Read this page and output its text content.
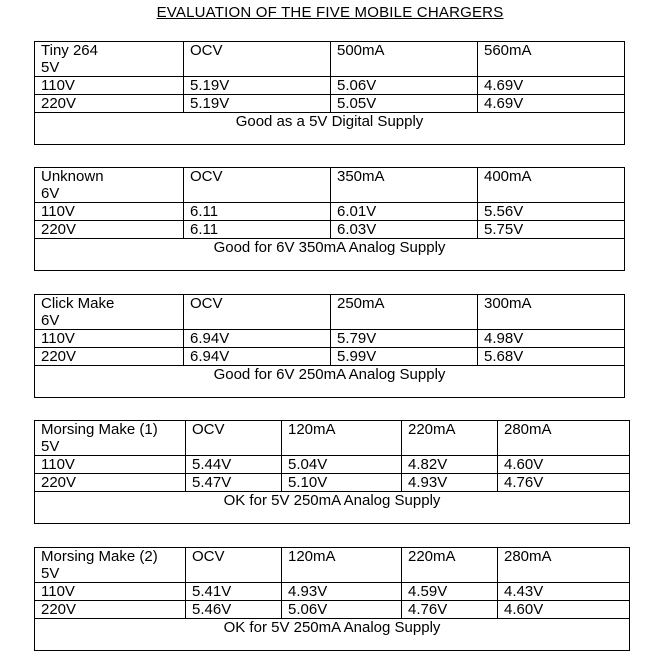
EVALUATION OF THE FIVE MOBILE CHARGERS
Tiny 264
5V	OCV	500mA	560mA
110V	5.19V	5.06V	4.69V
220V	5.19V	5.05V	4.69V
Good as a 5V Digital Supply			
Unknown
6V	OCV	350mA	400mA
110V	6.11	6.01V	5.56V
220V	6.11	6.03V	5.75V
Good for 6V 350mA Analog Supply			
Click Make
6V	OCV	250mA	300mA
110V	6.94V	5.79V	4.98V
220V	6.94V	5.99V	5.68V
Good for 6V 250mA Analog Supply			
Morsing Make (1)
5V	OCV	120mA	220mA	280mA
110V	5.44V	5.04V	4.82V	4.60V
220V	5.47V	5.10V	4.93V	4.76V
OK for 5V 250mA Analog Supply				
Morsing Make (2)
5V	OCV	120mA	220mA	280mA
110V	5.41V	4.93V	4.59V	4.43V
220V	5.46V	5.06V	4.76V	4.60V
OK for 5V 250mA Analog Supply				
